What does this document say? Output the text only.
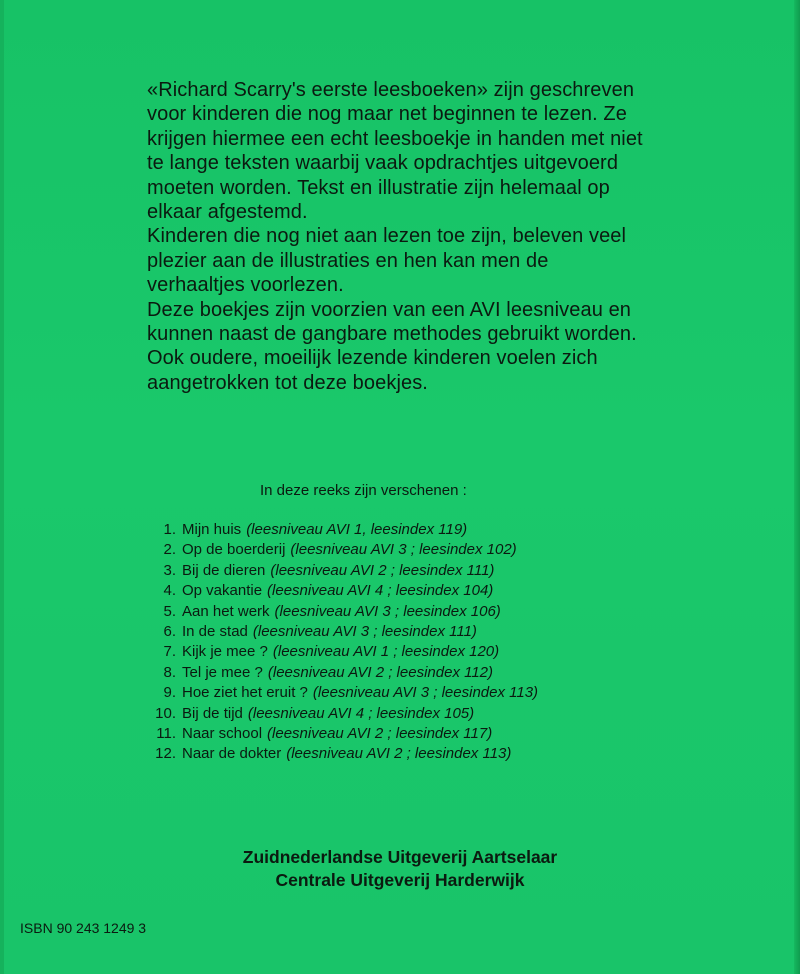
«Richard Scarry's eerste leesboeken» zijn geschreven voor kinderen die nog maar net beginnen te lezen. Ze krijgen hiermee een echt leesboekje in handen met niet te lange teksten waarbij vaak opdrachtjes uitgevoerd moeten worden. Tekst en illustratie zijn helemaal op elkaar afgestemd.

Kinderen die nog niet aan lezen toe zijn, beleven veel plezier aan de illustraties en hen kan men de verhaaltjes voorlezen.

Deze boekjes zijn voorzien van een AVI leesniveau en kunnen naast de gangbare methodes gebruikt worden.

Ook oudere, moeilijk lezende kinderen voelen zich aangetrokken tot deze boekjes.

In deze reeks zijn verschenen :
1. Mijn huis (leesniveau AVI 1, leesindex 119)
2. Op de boerderij (leesniveau AVI 3 ; leesindex 102)
3. Bij de dieren (leesniveau AVI 2 ; leesindex 111)
4. Op vakantie (leesniveau AVI 4 ; leesindex 104)
5. Aan het werk (leesniveau AVI 3 ; leesindex 106)
6. In de stad (leesniveau AVI 3 ; leesindex 111)
7. Kijk je mee ? (leesniveau AVI 1 ; leesindex 120)
8. Tel je mee ? (leesniveau AVI 2 ; leesindex 112)
9. Hoe ziet het eruit ? (leesniveau AVI 3 ; leesindex 113)
10. Bij de tijd (leesniveau AVI 4 ; leesindex 105)
11. Naar school (leesniveau AVI 2 ; leesindex 117)
12. Naar de dokter (leesniveau AVI 2 ; leesindex 113)
Zuidnederlandse Uitgeverij Aartselaar
Centrale Uitgeverij Harderwijk
ISBN 90 243 1249 3
